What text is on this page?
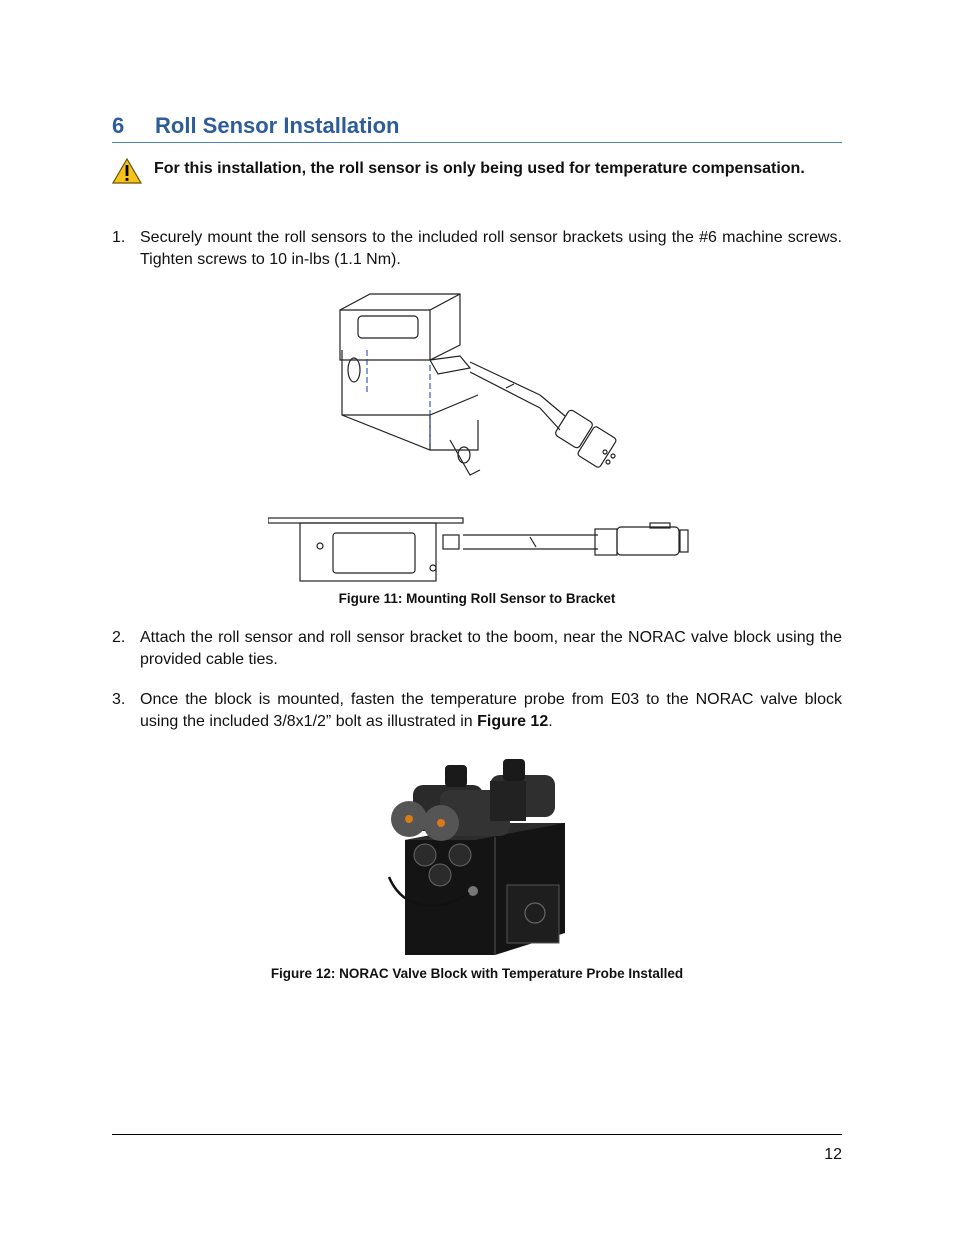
6 Roll Sensor Installation
For this installation, the roll sensor is only being used for temperature compensation.
1. Securely mount the roll sensors to the included roll sensor brackets using the #6 machine screws. Tighten screws to 10 in-lbs (1.1 Nm).
Figure 11: Mounting Roll Sensor to Bracket
2. Attach the roll sensor and roll sensor bracket to the boom, near the NORAC valve block using the provided cable ties.
3. Once the block is mounted, fasten the temperature probe from E03 to the NORAC valve block using the included 3/8x1/2” bolt as illustrated in Figure 12.
Figure 12: NORAC Valve Block with Temperature Probe Installed
12
